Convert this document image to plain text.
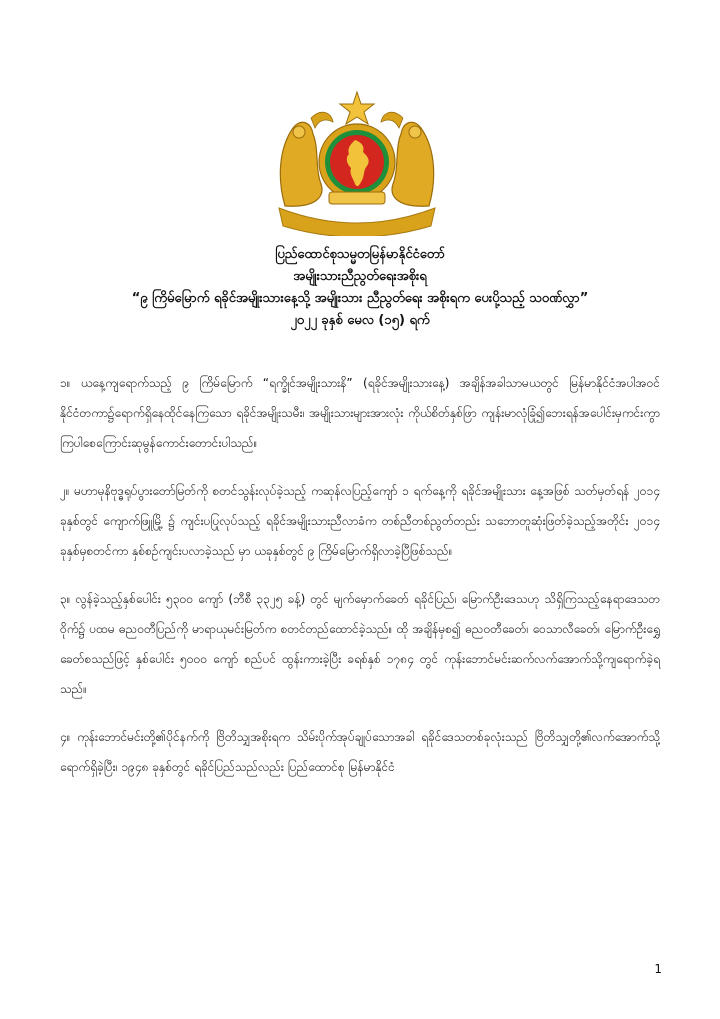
ပြည်ထောင်စုသမ္မတမြန်မာနိုင်ငံတော်
အမျိုးသားညီညွတ်ရေးအစိုးရ
“၉ ကြိမ်မြောက် ရခိုင်အမျိုးသားနေ့သို့ အမျိုးသား ညီညွတ်ရေး အစိုးရက ပေးပို့သည့် သဝဏ်လွှာ”
၂၀၂၂ ခုနှစ် မေလ (၁၅) ရက်

၁။ ယနေ့ကျရောက်သည့် ၉ ကြိမ်မြောက် “ရက္ခိုင်အမျိုးသားနိ” (ရခိုင်အမျိုးသားနေ့) အချိန်အခါသာမယတွင် မြန်မာနိုင်ငံအပါအဝင် နိုင်ငံတကာ၌ရောက်ရှိနေထိုင်နေကြသော ရခိုင်အမျိုးသမီး၊ အမျိုးသားများအားလုံး ကိုယ်စိတ်နှစ်ဖြာ ကျန်းမာလုံခြုံ၍ဘေးရန်အပေါင်းမှကင်းကွာကြပါစေကြောင်းဆုမွန်ကောင်းတောင်းပါသည်။

၂။ မဟာမုနိဗုဒ္ဓရုပ်ပွားတော်မြတ်ကို စတင်သွန်းလုပ်ခဲ့သည့် ကဆုန်လပြည့်ကျော် ၁ ရက်နေ့ကို ရခိုင်အမျိုးသား နေ့အဖြစ် သတ်မှတ်ရန် ၂၀၁၄ ခုနှစ်တွင် ကျောက်ဖြူမြို့ ၌ ကျင်းပပြုလုပ်သည့် ရခိုင်အမျိုးသားညီလာခံက တစ်ညီတစ်ညွတ်တည်း သဘောတူဆုံးဖြတ်ခဲ့သည့်အတိုင်း ၂၀၁၄ ခုနှစ်မှစတင်ကာ နှစ်စဉ်ကျင်းပလာခဲ့သည် မှာ ယခုနှစ်တွင် ၉ ကြိမ်မြောက်ရှိလာခဲ့ပြီဖြစ်သည်။

၃။ လွန်ခဲ့သည့်နှစ်ပေါင်း ၅၃၀၀ ကျော် (ဘီစီ ၃၃၂၅ ခန့်) တွင် မျက်မှောက်ခေတ် ရခိုင်ပြည်၊ မြောက်ဦးဒေသဟု သိရှိကြသည့်နေရာဒေသတဝိုက်၌ ပထမ ဓညဝတီပြည်ကို မာရာယုမင်းမြတ်က စတင်တည်ထောင်ခဲ့သည်။ ထို အချိန်မှစ၍ ဓညဝတီခေတ်၊ ဝေသာလီခေတ်၊ မြောက်ဦးရွှေခေတ်စသည်ဖြင့် နှစ်ပေါင်း ၅၀၀၀ ကျော် စည်ပင် ထွန်းကားခဲ့ပြီး ခရစ်နှစ် ၁၇၈၄ တွင် ကုန်းဘောင်မင်းဆက်လက်အောက်သို့ကျရောက်ခဲ့ရသည်။

၄။ ကုန်းဘောင်မင်းတို့၏ပိုင်နက်ကို ဗြိတိသျှအစိုးရက သိမ်းပိုက်အုပ်ချုပ်သောအခါ ရခိုင်ဒေသတစ်ခုလုံးသည် ဗြိတိသျှတို့၏လက်အောက်သို့ရောက်ရှိခဲ့ပြီး၊ ၁၉၄၈ ခုနှစ်တွင် ရခိုင်ပြည်သည်လည်း ပြည်ထောင်စု မြန်မာနိုင်ငံ

1
